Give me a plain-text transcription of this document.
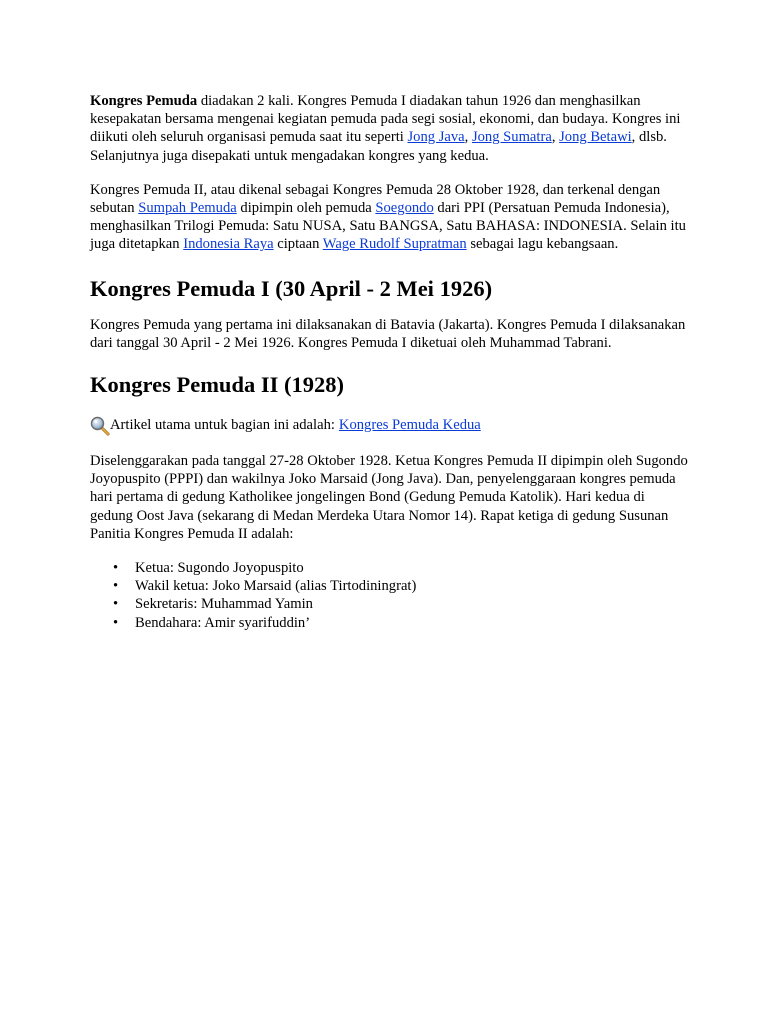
Kongres Pemuda diadakan 2 kali. Kongres Pemuda I diadakan tahun 1926 dan menghasilkan kesepakatan bersama mengenai kegiatan pemuda pada segi sosial, ekonomi, dan budaya. Kongres ini diikuti oleh seluruh organisasi pemuda saat itu seperti Jong Java, Jong Sumatra, Jong Betawi, dlsb. Selanjutnya juga disepakati untuk mengadakan kongres yang kedua.

Kongres Pemuda II, atau dikenal sebagai Kongres Pemuda 28 Oktober 1928, dan terkenal dengan sebutan Sumpah Pemuda dipimpin oleh pemuda Soegondo dari PPI (Persatuan Pemuda Indonesia), menghasilkan Trilogi Pemuda: Satu NUSA, Satu BANGSA, Satu BAHASA: INDONESIA. Selain itu juga ditetapkan Indonesia Raya ciptaan Wage Rudolf Supratman sebagai lagu kebangsaan.

Kongres Pemuda I (30 April - 2 Mei 1926)

Kongres Pemuda yang pertama ini dilaksanakan di Batavia (Jakarta). Kongres Pemuda I dilaksanakan dari tanggal 30 April - 2 Mei 1926. Kongres Pemuda I diketuai oleh Muhammad Tabrani.

Kongres Pemuda II (1928)
Artikel utama untuk bagian ini adalah: Kongres Pemuda Kedua

Diselenggarakan pada tanggal 27-28 Oktober 1928. Ketua Kongres Pemuda II dipimpin oleh Sugondo Joyopuspito (PPPI) dan wakilnya Joko Marsaid (Jong Java). Dan, penyelenggaraan kongres pemuda hari pertama di gedung Katholikee jongelingen Bond (Gedung Pemuda Katolik). Hari kedua di gedung Oost Java (sekarang di Medan Merdeka Utara Nomor 14). Rapat ketiga di gedung Susunan Panitia Kongres Pemuda II adalah:

• Ketua: Sugondo Joyopuspito
• Wakil ketua: Joko Marsaid (alias Tirtodiningrat)
• Sekretaris: Muhammad Yamin
• Bendahara: Amir syarifuddin’
